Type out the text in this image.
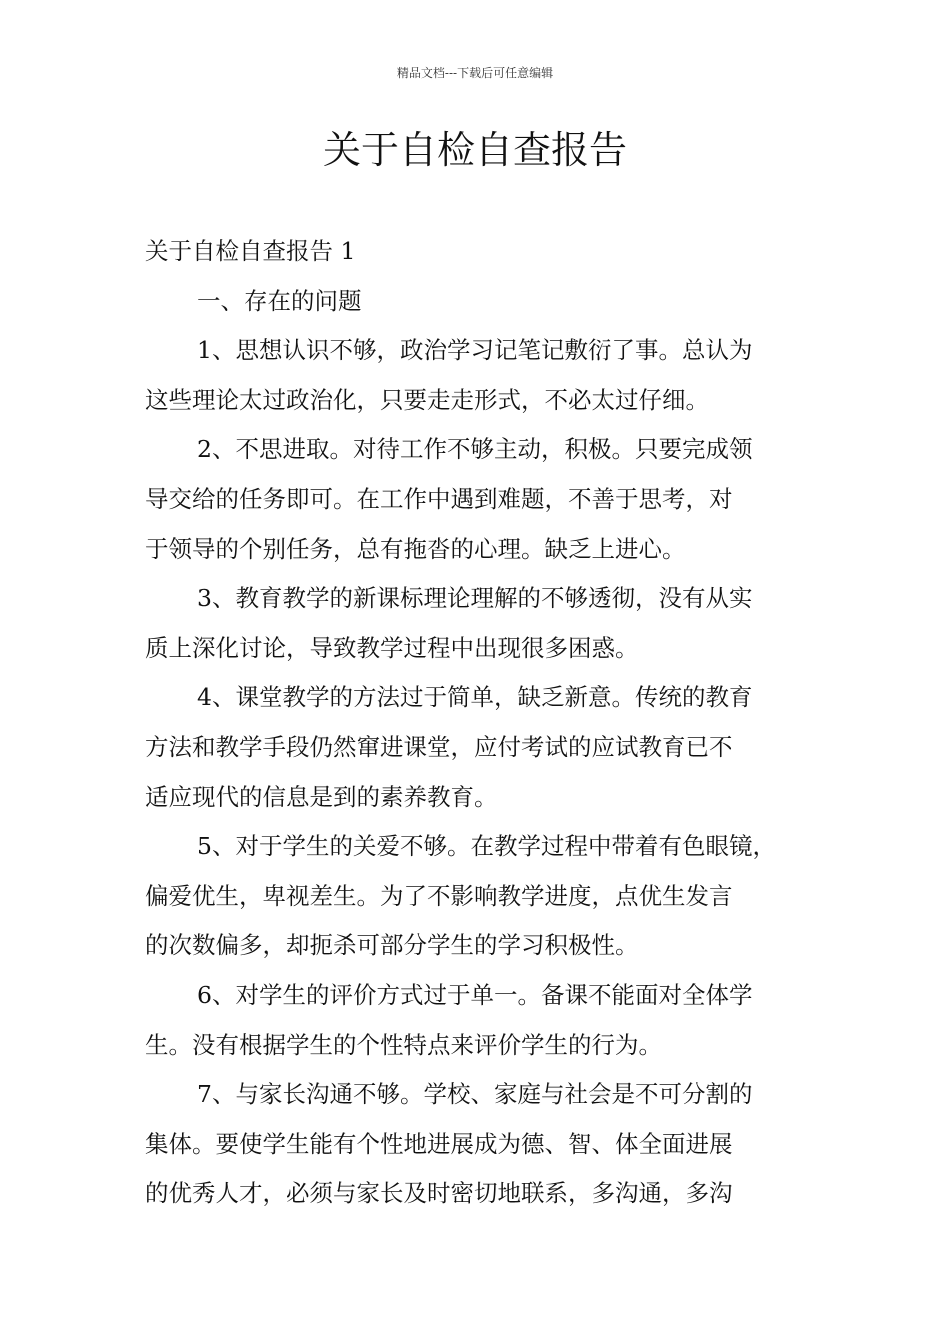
精品文档---下载后可任意编辑
关于自检自查报告
关于自检自查报告 1
一、存在的问题
1、思想认识不够，政治学习记笔记敷衍了事。总认为
这些理论太过政治化，只要走走形式，不必太过仔细。
2、不思进取。对待工作不够主动，积极。只要完成领
导交给的任务即可。在工作中遇到难题，不善于思考，对
于领导的个别任务，总有拖沓的心理。缺乏上进心。
3、教育教学的新课标理论理解的不够透彻，没有从实
质上深化讨论，导致教学过程中出现很多困惑。
4、课堂教学的方法过于简单，缺乏新意。传统的教育
方法和教学手段仍然窜进课堂，应付考试的应试教育已不
适应现代的信息是到的素养教育。
5、对于学生的关爱不够。在教学过程中带着有色眼镜，
偏爱优生，卑视差生。为了不影响教学进度，点优生发言
的次数偏多，却扼杀可部分学生的学习积极性。
6、对学生的评价方式过于单一。备课不能面对全体学
生。没有根据学生的个性特点来评价学生的行为。
7、与家长沟通不够。学校、家庭与社会是不可分割的
集体。要使学生能有个性地进展成为德、智、体全面进展
的优秀人才，必须与家长及时密切地联系，多沟通，多沟
